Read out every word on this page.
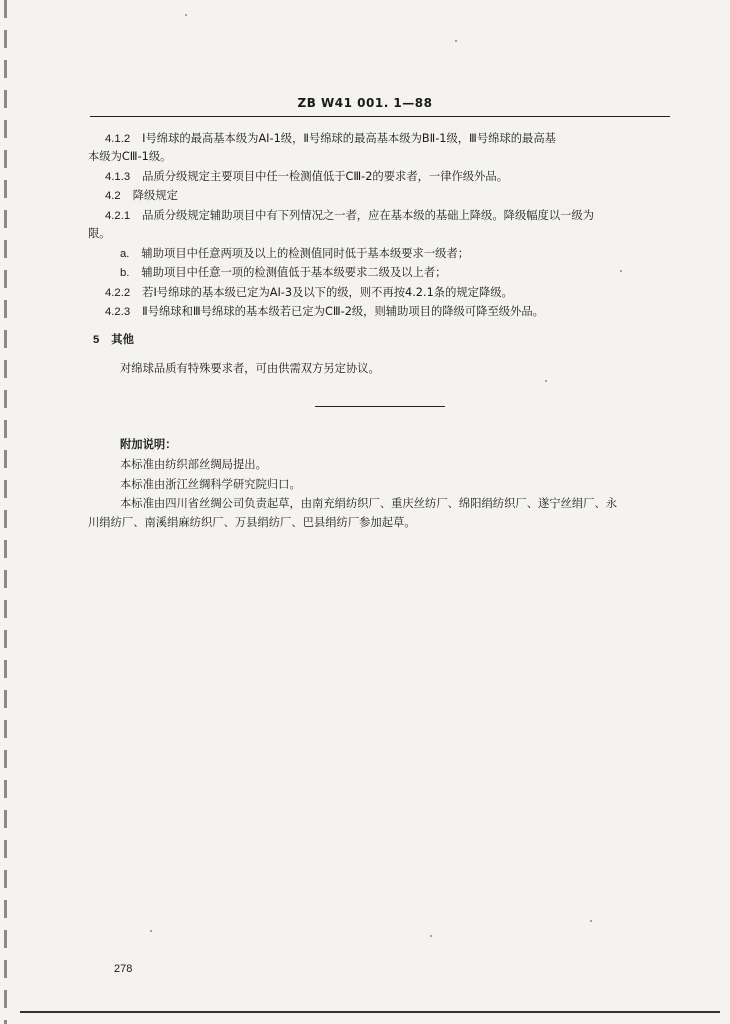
ZB W41 001. 1—88
4.1.2 Ⅰ号绵球的最高基本级为AⅠ-1级，Ⅱ号绵球的最高基本级为BⅡ-1级，Ⅲ号绵球的最高基
本级为CⅢ-1级。
4.1.3 品质分级规定主要项目中任一检测值低于CⅢ-2的要求者，一律作级外品。
4.2 降级规定
4.2.1 品质分级规定辅助项目中有下列情况之一者，应在基本级的基础上降级。降级幅度以一级为
限。
a. 辅助项目中任意两项及以上的检测值同时低于基本级要求一级者；
b. 辅助项目中任意一项的检测值低于基本级要求二级及以上者；
4.2.2 若Ⅰ号绵球的基本级已定为AⅠ-3及以下的级，则不再按4.2.1条的规定降级。
4.2.3 Ⅱ号绵球和Ⅲ号绵球的基本级若已定为CⅢ-2级，则辅助项目的降级可降至级外品。
5 其他
对绵球品质有特殊要求者，可由供需双方另定协议。
附加说明：
本标准由纺织部丝绸局提出。
本标准由浙江丝绸科学研究院归口。
本标准由四川省丝绸公司负责起草，由南充绢纺织厂、重庆丝纺厂、绵阳绢纺织厂、遂宁丝绢厂、永
川绢纺厂、南溪绢麻纺织厂、万县绢纺厂、巴县绢纺厂参加起草。
278
